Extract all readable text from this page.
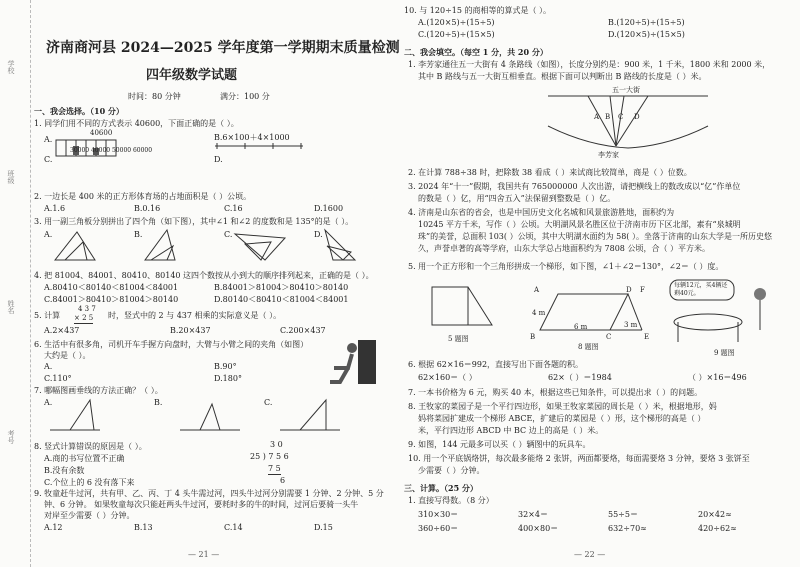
学校
班级
姓名
考号
济南商河县 2024—2025 学年度第一学期期末质量检测
四年级数学试题
时间：80 分钟	满分：100 分
一、我会选择。（10 分）
1. 同学们用不同的方式表示 40600，下面正确的是（ ）。
A.
40600	B.6×100＋4×1000
C.
30000 40000 50000 60000
D.
2. 一边长是 400 米的正方形体育场的占地面积是（ ）公顷。
A.1.6	B.0.16	C.16	D.1600
3. 用一副三角板分别拼出了四个角（如下图），其中∠1 和∠2 的度数和是 135°的是（ ）。
A.	B.	C.	D.
4. 把 81004、84001、80410、80140 这四个数按从小到大的顺序排列起来，正确的是（ ）。
A.80410＜80140＜81004＜84001	B.84001＞81004＞80410＞80140
C.84001＞80410＞81004＞80140	D.80140＜80410＜81004＜84001
5. 计算
4 3 7
× 2 5 时，竖式中的 2 与 437 相乘的实际意义是（ ）。
A.2×437	B.20×437	C.200×437
6. 生活中有很多角，司机开车手握方向盘时，大臂与小臂之间的夹角（如图）
大约是（ ）。
A.	B.90°
C.110°	D.180°
7. 哪幅图画垂线的方法正确？（ ）。
A.	B.	C.
8. 竖式计算错误的原因是（ ）。
A.商的书写位置不正确
B.没有余数
C.个位上的 6 没有落下来
3 0
25 ) 7 5 6
7 5
6
9. 牧童赶牛过河，共有甲、乙、丙、丁 4 头牛需过河，四头牛过河分别需要 1 分钟、2 分钟、5 分
钟、6 分钟。 如果牧童每次只能赶两头牛过河，要耗时多的牛的时间，过河后要骑一头牛
对岸至少需要（ ）分钟。
A.12	B.13	C.14	D.15
— 21 —
10. 与 120÷15 的商相等的算式是（ ）。
A.(120×5)÷(15÷5)	B.(120÷5)÷(15÷5)
C.(120÷5)÷(15×5)	D.(120×5)÷(15×5)
二、我会填空。（每空 1 分，共 20 分）
1. 李芳家通往五一大街有 4 条路线（如图），长度分别约是：900 米，1 千米，1800 米和 2000 米，
其中 B 路线与五一大街互相垂直。根据下面可以判断出 B 路线的长度是（ ）米。
五一大街
李芳家
A B C D
2. 在计算 788÷38 时，把除数 38 看成（ ）来试商比较简单，商是（ ）位数。
3. 2024 年“十一”假期，我国共有 765000000 人次出游，请把横线上的数改成以“亿”作单位
的数是（ ）亿，用“四舍五入”法保留到整数是（ ）亿。
4. 济南是山东省的省会，也是中国历史文化名城和风景旅游胜地，面积约为
10245 平方千米，写作（ ）公顷。大明湖风景名胜区位于济南市历下区北部，素有“泉城明
珠”的美誉，总面积 103( ）公顷，其中大明湖水面约为 58( ）。坐落于济南的山东大学是一所历史悠
久，声誉卓著的高等学府，山东大学总占地面积约为 7808 公顷，合（ ）平方米。
5. 用一个正方形和一个三角形拼成一个梯形，如下图，∠1＋∠2＝130°，∠2＝（ ）度。
5 题图
A
B	C
D
E
F
4 m
6 m	3 m
8 题图
每辆12元，买4辆还剩40元。
9 题图
6. 根据 62×16＝992，直接写出下面各题的积。
62×160＝（ ）	62×（ ）＝1984	（ ）×16＝496
7. 一本书价格为 6 元，购买 40 本，根据这些已知条件，可以提出求（ ）的问题。
8. 王牧家的菜园子是一个平行四边形，如果王牧家菜园的周长是（ ）米，根据地形，妈
妈将菜园扩建成一个梯形 ABCE，扩建后的菜园是（ ）形，这个梯形的高是（ ）
米，平行四边形 ABCD 中 BC 边上的高是（ ）米。
9. 如图，144 元最多可以买（ ）辆图中的玩具车。
10. 用一个平底锅烙饼，每次最多能烙 2 张饼，两面都要烙，每面需要烙 3 分钟，要烙 3 张饼至
少需要（ ）分钟。
三、计算。（25 分）
1. 直接写得数。（8 分）
310×30＝	32×4＝	55÷5＝	20×42≈
360÷60＝	400×80＝	632÷70≈	420÷62≈
— 22 —
